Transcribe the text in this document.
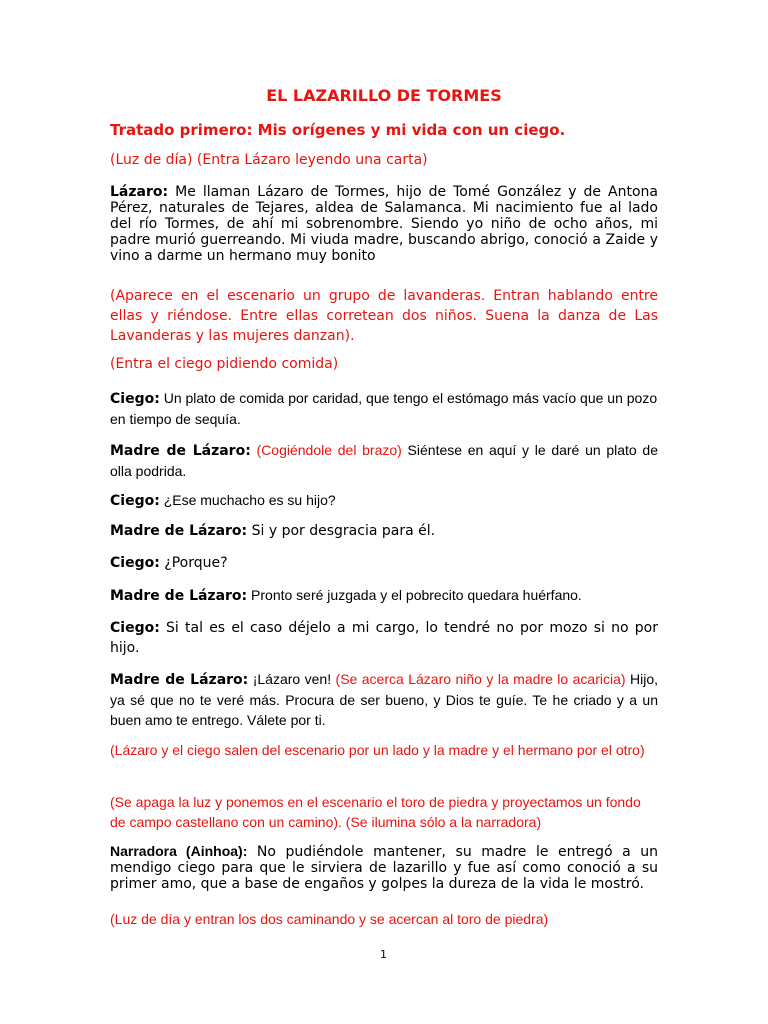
EL LAZARILLO DE TORMES
Tratado primero: Mis orígenes y mi vida con un ciego.
(Luz de día) (Entra Lázaro leyendo una carta)
Lázaro: Me llaman Lázaro de Tormes, hijo de Tomé González y de Antona Pérez, naturales de Tejares, aldea de Salamanca. Mi nacimiento fue al lado del río Tormes, de ahí mi sobrenombre. Siendo yo niño de ocho años, mi padre murió guerreando. Mi viuda madre, buscando abrigo, conoció a Zaide y vino a darme un hermano muy bonito
(Aparece en el escenario un grupo de lavanderas. Entran hablando entre ellas y riéndose. Entre ellas corretean dos niños. Suena la danza de Las Lavanderas y las mujeres danzan).
(Entra el ciego pidiendo comida)
Ciego: Un plato de comida por caridad, que tengo el estómago más vacío que un pozo en tiempo de sequía.
Madre de Lázaro: (Cogiéndole del brazo) Siéntese en aquí y le daré un plato de olla podrida.
Ciego: ¿Ese muchacho es su hijo?
Madre de Lázaro: Si y por desgracia para él.
Ciego: ¿Porque?
Madre de Lázaro: Pronto seré juzgada y el pobrecito quedara huérfano.
Ciego: Si tal es el caso déjelo a mi cargo, lo tendré no por mozo si no por hijo.
Madre de Lázaro: ¡Lázaro ven! (Se acerca Lázaro niño y la madre lo acaricia) Hijo, ya sé que no te veré más. Procura de ser bueno, y Dios te guíe. Te he criado y a un buen amo te entrego. Válete por ti.
(Lázaro y el ciego salen del escenario por un lado y la madre y el hermano por el otro)
(Se apaga la luz y ponemos en el escenario el toro de piedra y proyectamos un fondo de campo castellano con un camino). (Se ilumina sólo a la narradora)
Narradora (Ainhoa): No pudiéndole mantener, su madre le entregó a un mendigo ciego para que le sirviera de lazarillo y fue así como conoció a su primer amo, que a base de engaños y golpes la dureza de la vida le mostró.
(Luz de día y entran los dos caminando y se acercan al toro de piedra)
1
